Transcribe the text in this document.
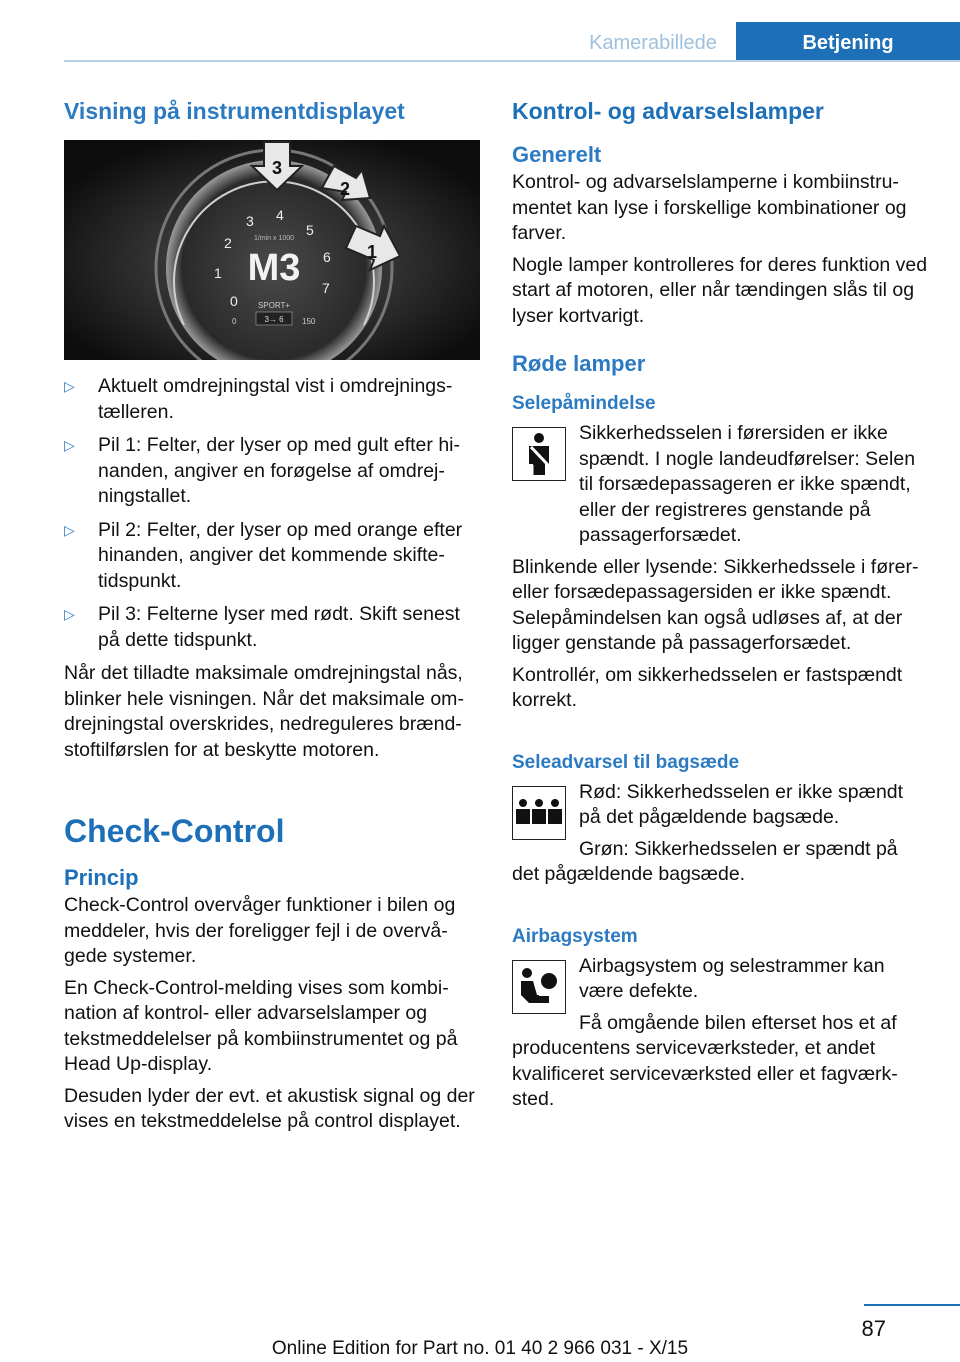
Kamerabillede	Betjening
Visning på instrumentdisplayet
M3
1/min x 1000
0
1
2
3 4
5
6
7
SPORT+
3→ 6
0	150
3
2
1
▷ Aktuelt omdrejningstal vist i omdrejningstælleren.
▷ Pil 1: Felter, der lyser op med gult efter hinanden, angiver en forøgelse af omdrejningstallet.
▷ Pil 2: Felter, der lyser op med orange efter hinanden, angiver det kommende skiftetidspunkt.
▷ Pil 3: Felterne lyser med rødt. Skift senest på dette tidspunkt.

Når det tilladte maksimale omdrejningstal nås, blinker hele visningen. Når det maksimale omdrejningstal overskrides, nedreguleres brændstoftilførslen for at beskytte motoren.

Check-Control
Princip

Check-Control overvåger funktioner i bilen og meddeler, hvis der foreligger fejl i de overvågede systemer.

En Check-Control-melding vises som kombination af kontrol- eller advarselslamper og tekstmeddelelser på kombiinstrumentet og på Head Up-display.

Desuden lyder der evt. et akustisk signal og der vises en tekstmeddelelse på control displayet.

Kontrol- og advarselslamper
Generelt

Kontrol- og advarselslamperne i kombiinstrumentet kan lyse i forskellige kombinationer og farver.

Nogle lamper kontrolleres for deres funktion ved start af motoren, eller når tændingen slås til og lyser kortvarigt.

Røde lamper
Selepåmindelse

Sikkerhedsselen i førersiden er ikke spændt. I nogle landeudførelser: Selen til forsædepassageren er ikke spændt, eller der registreres genstande på passagerforsædet.

Blinkende eller lysende: Sikkerhedssele i fører- eller forsædepassagersiden er ikke spændt. Selepåmindelsen kan også udløses af, at der ligger genstande på passagerforsædet.

Kontrollér, om sikkerhedsselen er fastspændt korrekt.

Seleadvarsel til bagsæde

Rød: Sikkerhedsselen er ikke spændt på det pågældende bagsæde.

Grøn: Sikkerhedsselen er spændt på det pågældende bagsæde.

Airbagsystem

Airbagsystem og selestrammer kan være defekte.

Få omgående bilen efterset hos et af producentens serviceværksteder, et andet kvalificeret serviceværksted eller et fagværksted.

87
Online Edition for Part no. 01 40 2 966 031 - X/15
